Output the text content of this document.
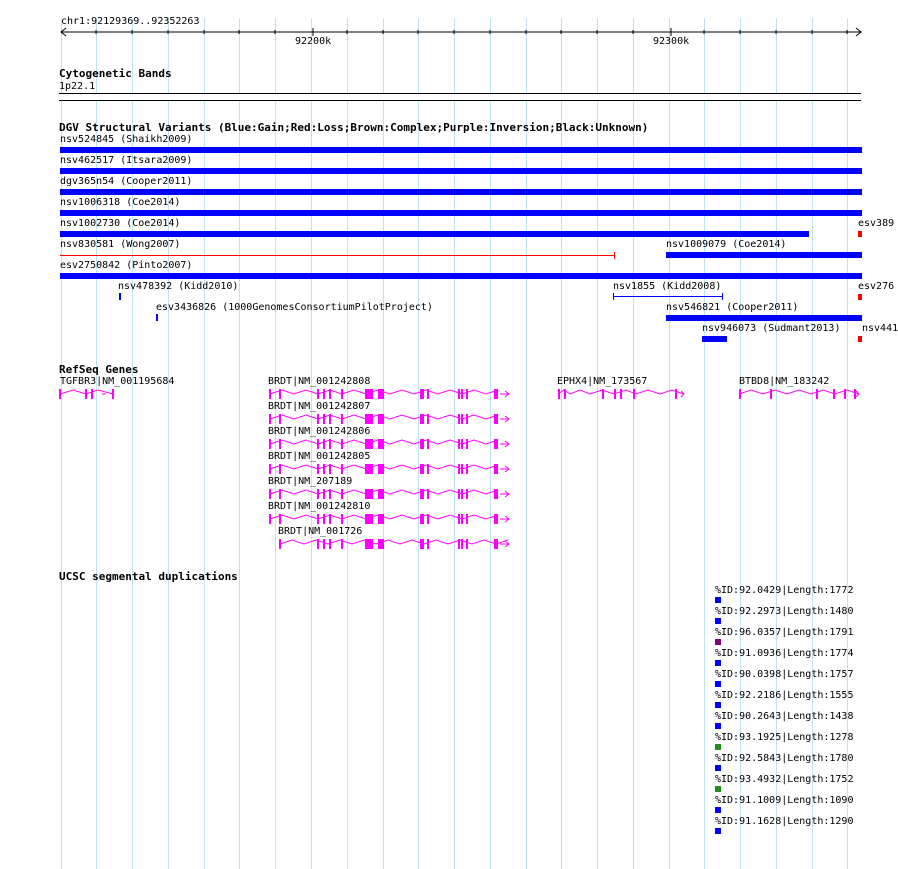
chr1:92129369..92352263
92200k	92300k
Cytogenetic Bands
1p22.1
DGV Structural Variants (Blue:Gain;Red:Loss;Brown:Complex;Purple:Inversion;Black:Unknown)
nsv524845 (Shaikh2009)
nsv462517 (Itsara2009)
dgv365n54 (Cooper2011)
nsv1006318 (Coe2014)
nsv1002730 (Coe2014)	esv389
nsv830581 (Wong2007)	nsv1009079 (Coe2014)
esv2750842 (Pinto2007)
nsv478392 (Kidd2010)	nsv1855 (Kidd2008)	esv276
esv3436826 (1000GenomesConsortiumPilotProject)	nsv546821 (Cooper2011)
nsv946073 (Sudmant2013) nsv441
RefSeq Genes
TGFBR3|NM_001195684	BRDT|NM_001242808	EPHX4|NM_173567	BTBD8|NM_183242
BRDT|NM_001242807
BRDT|NM_001242806
BRDT|NM_001242805
BRDT|NM_207189
BRDT|NM_001242810
BRDT|NM_001726
UCSC segmental duplications
%ID:92.0429|Length:1772
%ID:92.2973|Length:1480
%ID:96.0357|Length:1791
%ID:91.0936|Length:1774
%ID:90.0398|Length:1757
%ID:92.2186|Length:1555
%ID:90.2643|Length:1438
%ID:93.1925|Length:1278
%ID:92.5843|Length:1780
%ID:93.4932|Length:1752
%ID:91.1009|Length:1090
%ID:91.1628|Length:1290
